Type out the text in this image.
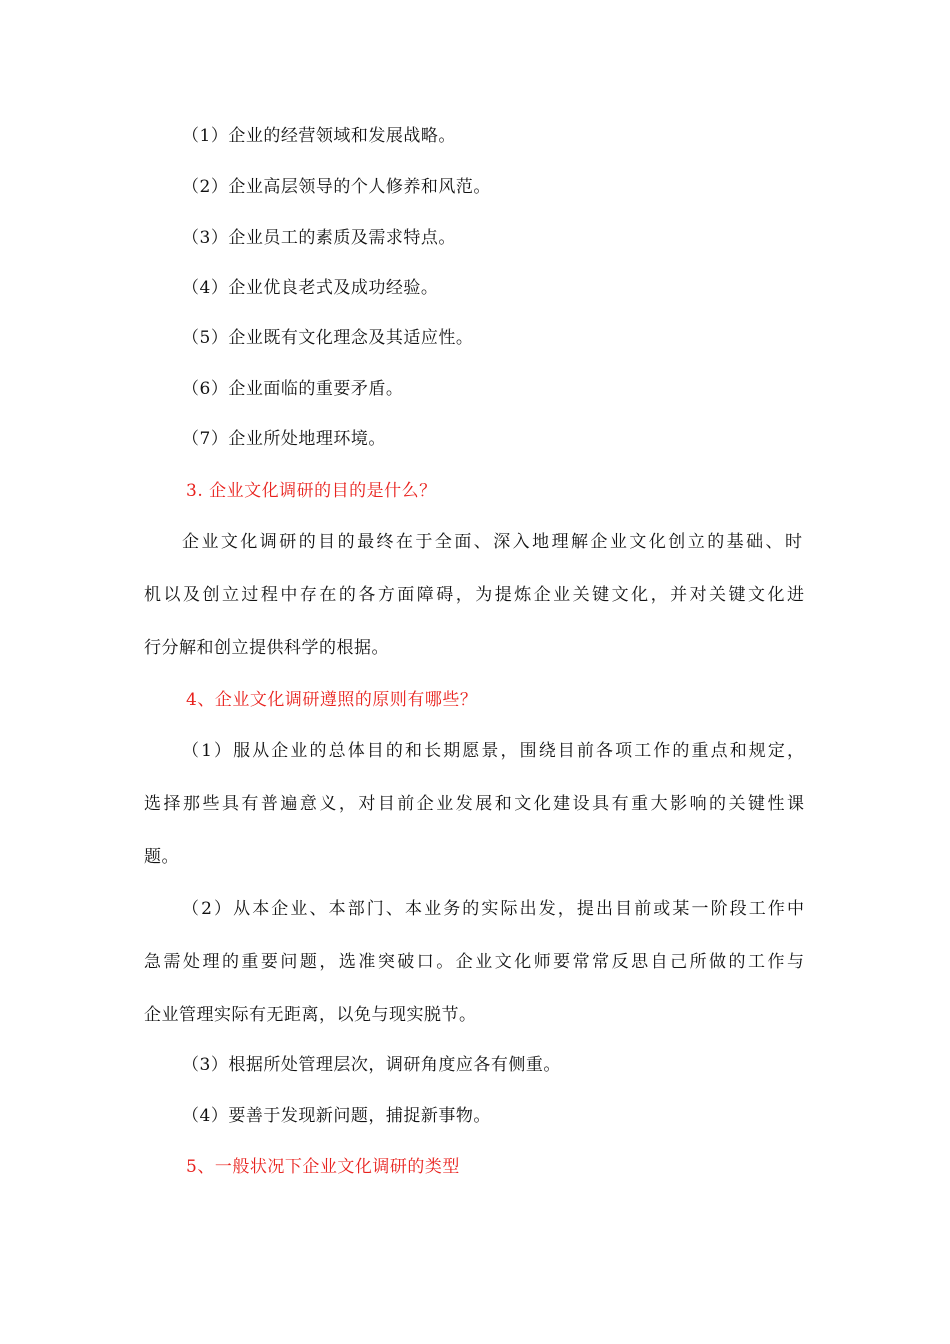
（1）企业的经营领域和发展战略。
（2）企业高层领导的个人修养和风范。
（3）企业员工的素质及需求特点。
（4）企业优良老式及成功经验。
（5）企业既有文化理念及其适应性。
（6）企业面临的重要矛盾。
（7）企业所处地理环境。
3. 企业文化调研的目的是什么？
企业文化调研的目的最终在于全面、深入地理解企业文化创立的基础、时
机以及创立过程中存在的各方面障碍，为提炼企业关键文化，并对关键文化进
行分解和创立提供科学的根据。
4、企业文化调研遵照的原则有哪些？
（1）服从企业的总体目的和长期愿景，围绕目前各项工作的重点和规定，
选择那些具有普遍意义，对目前企业发展和文化建设具有重大影响的关键性课
题。
（2）从本企业、本部门、本业务的实际出发，提出目前或某一阶段工作中
急需处理的重要问题，选准突破口。企业文化师要常常反思自己所做的工作与
企业管理实际有无距离，以免与现实脱节。
（3）根据所处管理层次，调研角度应各有侧重。
（4）要善于发现新问题，捕捉新事物。
5、一般状况下企业文化调研的类型
